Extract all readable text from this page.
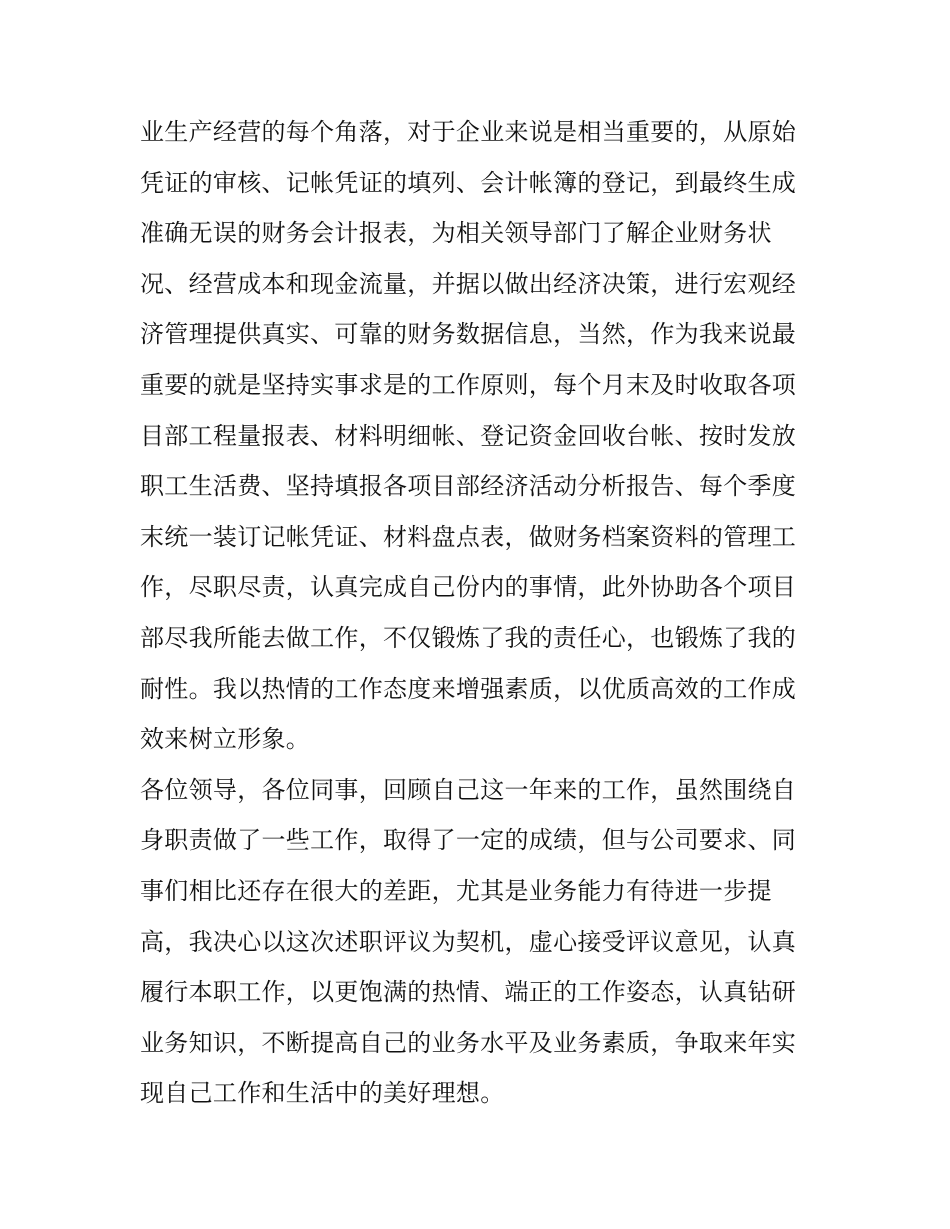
业生产经营的每个角落，对于企业来说是相当重要的，从原始
凭证的审核、记帐凭证的填列、会计帐簿的登记，到最终生成
准确无误的财务会计报表，为相关领导部门了解企业财务状
况、经营成本和现金流量，并据以做出经济决策，进行宏观经
济管理提供真实、可靠的财务数据信息，当然，作为我来说最
重要的就是坚持实事求是的工作原则，每个月末及时收取各项
目部工程量报表、材料明细帐、登记资金回收台帐、按时发放
职工生活费、坚持填报各项目部经济活动分析报告、每个季度
末统一装订记帐凭证、材料盘点表，做财务档案资料的管理工
作，尽职尽责，认真完成自己份内的事情，此外协助各个项目
部尽我所能去做工作，不仅锻炼了我的责任心，也锻炼了我的
耐性。我以热情的工作态度来增强素质，以优质高效的工作成
效来树立形象。
各位领导，各位同事，回顾自己这一年来的工作，虽然围绕自
身职责做了一些工作，取得了一定的成绩，但与公司要求、同
事们相比还存在很大的差距，尤其是业务能力有待进一步提
高，我决心以这次述职评议为契机，虚心接受评议意见，认真
履行本职工作，以更饱满的热情、端正的工作姿态，认真钻研
业务知识，不断提高自己的业务水平及业务素质，争取来年实
现自己工作和生活中的美好理想。
